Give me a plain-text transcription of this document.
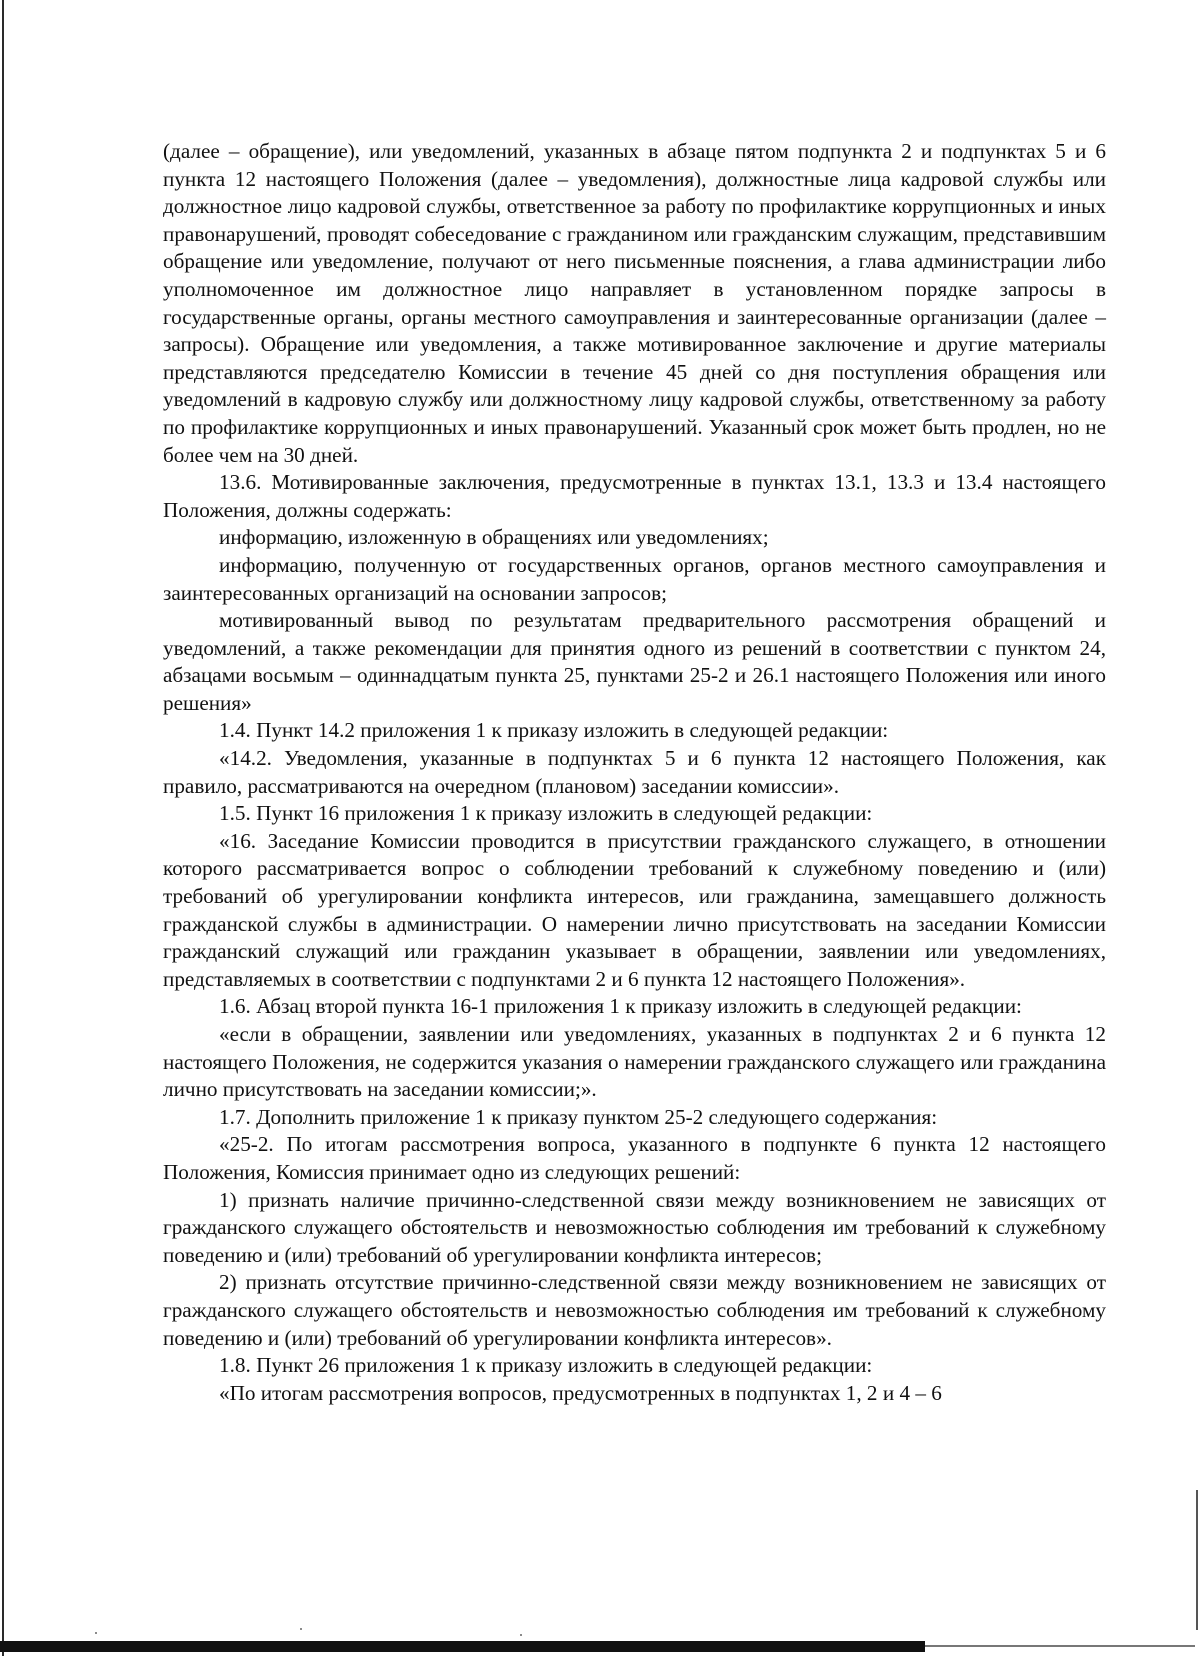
(далее – обращение), или уведомлений, указанных в абзаце пятом подпункта 2 и подпунктах 5 и 6 пункта 12 настоящего Положения (далее – уведомления), должностные лица кадровой службы или должностное лицо кадровой службы, ответственное за работу по профилактике коррупционных и иных правонарушений, проводят собеседование с гражданином или гражданским служащим, представившим обращение или уведомление, получают от него письменные пояснения, а глава администрации либо уполномоченное им должностное лицо направляет в установленном порядке запросы в государственные органы, органы местного самоуправления и заинтересованные организации (далее – запросы). Обращение или уведомления, а также мотивированное заключение и другие материалы представляются председателю Комиссии в течение 45 дней со дня поступления обращения или уведомлений в кадровую службу или должностному лицу кадровой службы, ответственному за работу по профилактике коррупционных и иных правонарушений. Указанный срок может быть продлен, но не более чем на 30 дней.

13.6. Мотивированные заключения, предусмотренные в пунктах 13.1, 13.3 и 13.4 настоящего Положения, должны содержать:

информацию, изложенную в обращениях или уведомлениях;

информацию, полученную от государственных органов, органов местного самоуправления и заинтересованных организаций на основании запросов;

мотивированный вывод по результатам предварительного рассмотрения обращений и уведомлений, а также рекомендации для принятия одного из решений в соответствии с пунктом 24, абзацами восьмым – одиннадцатым пункта 25, пунктами 25-2 и 26.1 настоящего Положения или иного решения»

1.4. Пункт 14.2 приложения 1 к приказу изложить в следующей редакции:

«14.2. Уведомления, указанные в подпунктах 5 и 6 пункта 12 настоящего Положения, как правило, рассматриваются на очередном (плановом) заседании комиссии».

1.5. Пункт 16 приложения 1 к приказу изложить в следующей редакции:

«16. Заседание Комиссии проводится в присутствии гражданского служащего, в отношении которого рассматривается вопрос о соблюдении требований к служебному поведению и (или) требований об урегулировании конфликта интересов, или гражданина, замещавшего должность гражданской службы в администрации. О намерении лично присутствовать на заседании Комиссии гражданский служащий или гражданин указывает в обращении, заявлении или уведомлениях, представляемых в соответствии с подпунктами 2 и 6 пункта 12 настоящего Положения».

1.6. Абзац второй пункта 16-1 приложения 1 к приказу изложить в следующей редакции:

«если в обращении, заявлении или уведомлениях, указанных в подпунктах 2 и 6 пункта 12 настоящего Положения, не содержится указания о намерении гражданского служащего или гражданина лично присутствовать на заседании комиссии;».

1.7. Дополнить приложение 1 к приказу пунктом 25-2 следующего содержания:

«25-2. По итогам рассмотрения вопроса, указанного в подпункте 6 пункта 12 настоящего Положения, Комиссия принимает одно из следующих решений:

1) признать наличие причинно-следственной связи между возникновением не зависящих от гражданского служащего обстоятельств и невозможностью соблюдения им требований к служебному поведению и (или) требований об урегулировании конфликта интересов;

2) признать отсутствие причинно-следственной связи между возникновением не зависящих от гражданского служащего обстоятельств и невозможностью соблюдения им требований к служебному поведению и (или) требований об урегулировании конфликта интересов».

1.8. Пункт 26 приложения 1 к приказу изложить в следующей редакции:

«По итогам рассмотрения вопросов, предусмотренных в подпунктах 1, 2 и 4 – 6
